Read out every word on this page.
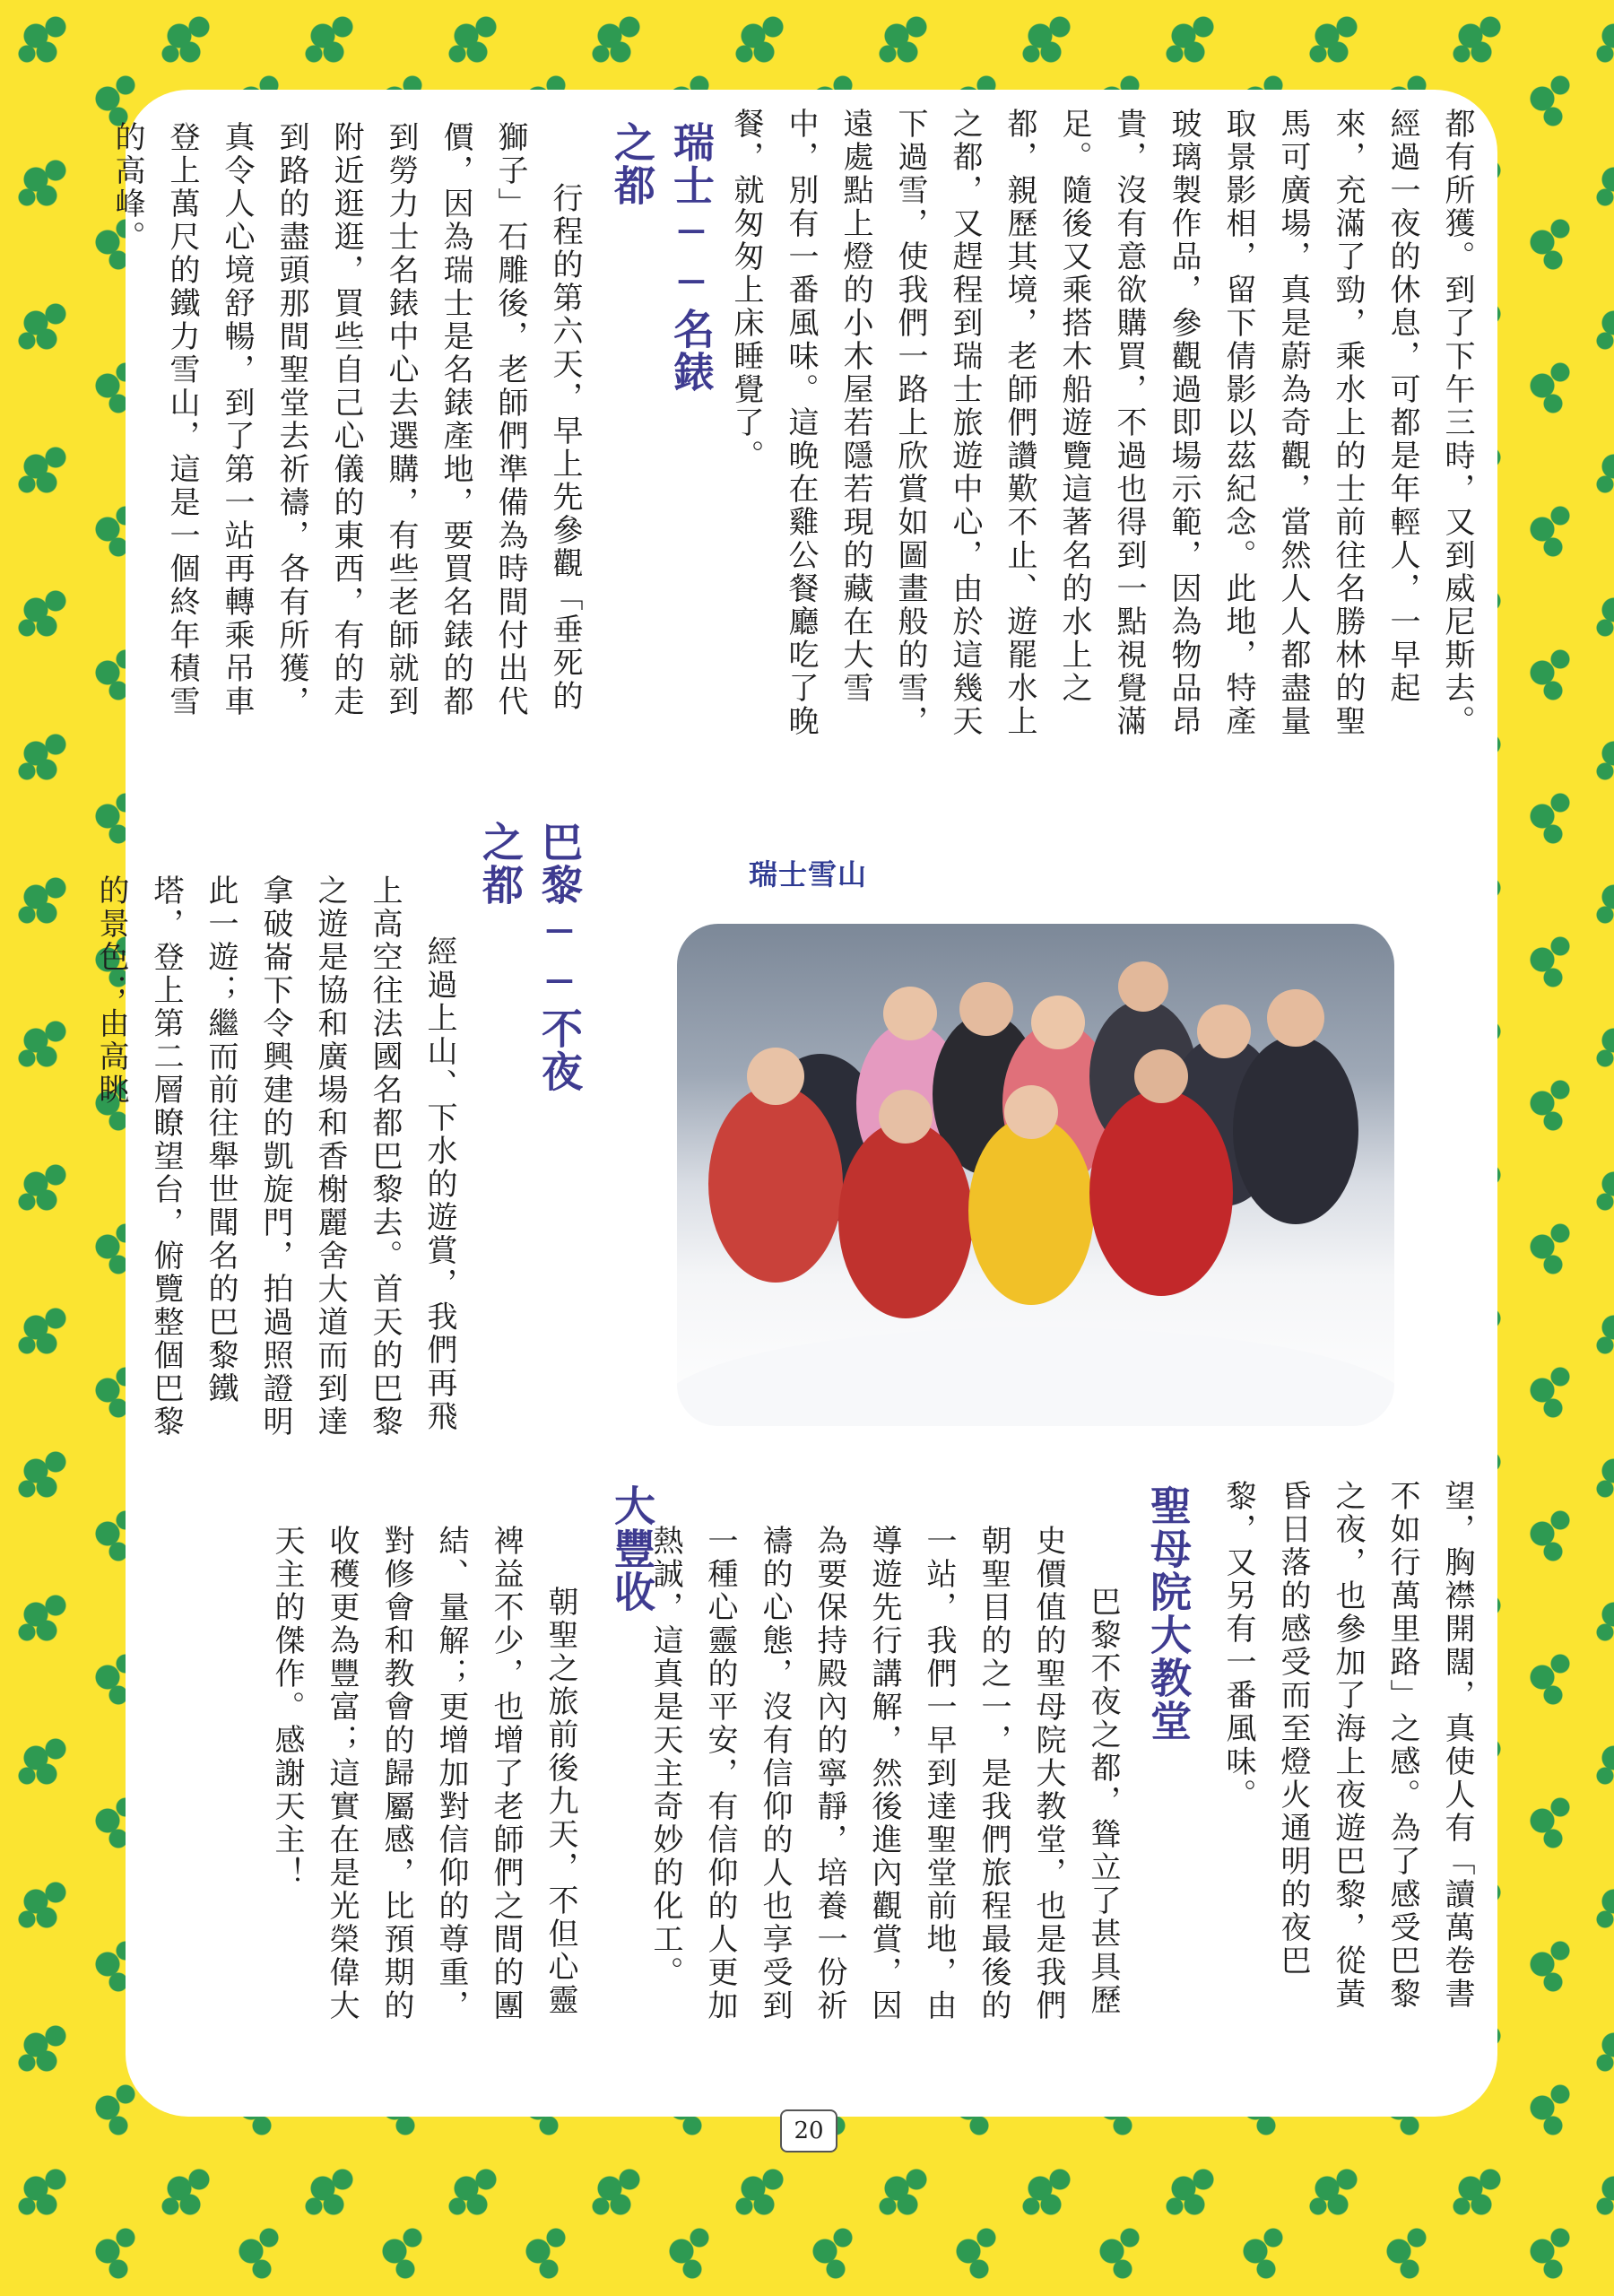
都有所獲。到了下午三時，又到威尼斯去。經過一夜的休息，可都是年輕人，一早起來，充滿了勁，乘水上的士前往名勝林的聖馬可廣場，真是蔚為奇觀，當然人人都盡量取景影相，留下倩影以茲紀念。此地，特產玻璃製作品，參觀過即場示範，因為物品昂貴，沒有意欲購買，不過也得到一點視覺滿足。隨後又乘搭木船遊覽這著名的水上之都，親歷其境，老師們讚歎不止、遊罷水上之都，又趕程到瑞士旅遊中心，由於這幾天下過雪，使我們一路上欣賞如圖畫般的雪，遠處點上燈的小木屋若隱若現的藏在大雪中，別有一番風味。這晚在雞公餐廳吃了晚餐，就匆匆上床睡覺了。

瑞士──名錶之都

行程的第六天，早上先參觀「垂死的獅子」石雕後，老師們準備為時間付出代價，因為瑞士是名錶產地，要買名錶的都到勞力士名錶中心去選購，有些老師就到附近逛逛，買些自己心儀的東西，有的走到路的盡頭那間聖堂去祈禱，各有所獲，真令人心境舒暢，到了第一站再轉乘吊車登上萬尺的鐵力雪山，這是一個終年積雪的高峰。

巴黎──不夜之都

經過上山、下水的遊賞，我們再飛上高空往法國名都巴黎去。首天的巴黎之遊是協和廣場和香榭麗舍大道而到達拿破崙下令興建的凱旋門，拍過照證明此一遊；繼而前往舉世聞名的巴黎鐵塔，登上第二層瞭望台，俯覽整個巴黎的景色；由高眺	瑞士雪山

望，胸襟開闊，真使人有「讀萬卷書不如行萬里路」之感。為了感受巴黎之夜，也參加了海上夜遊巴黎，從黃昏日落的感受而至燈火通明的夜巴黎，又另有一番風味。

聖母院大教堂

巴黎不夜之都，聳立了甚具歷史價值的聖母院大教堂，也是我們朝聖目的之一，是我們旅程最後的一站，我們一早到達聖堂前地，由導遊先行講解，然後進內觀賞，因為要保持殿內的寧靜，培養一份祈禱的心態，沒有信仰的人也享受到一種心靈的平安，有信仰的人更加熱誠，這真是天主奇妙的化工。

大豐收

朝聖之旅前後九天，不但心靈裨益不少，也增了老師們之間的團結、量解；更增加對信仰的尊重，對修會和教會的歸屬感，比預期的收穫更為豐富；這實在是光榮偉大天主的傑作。感謝天主！

20
